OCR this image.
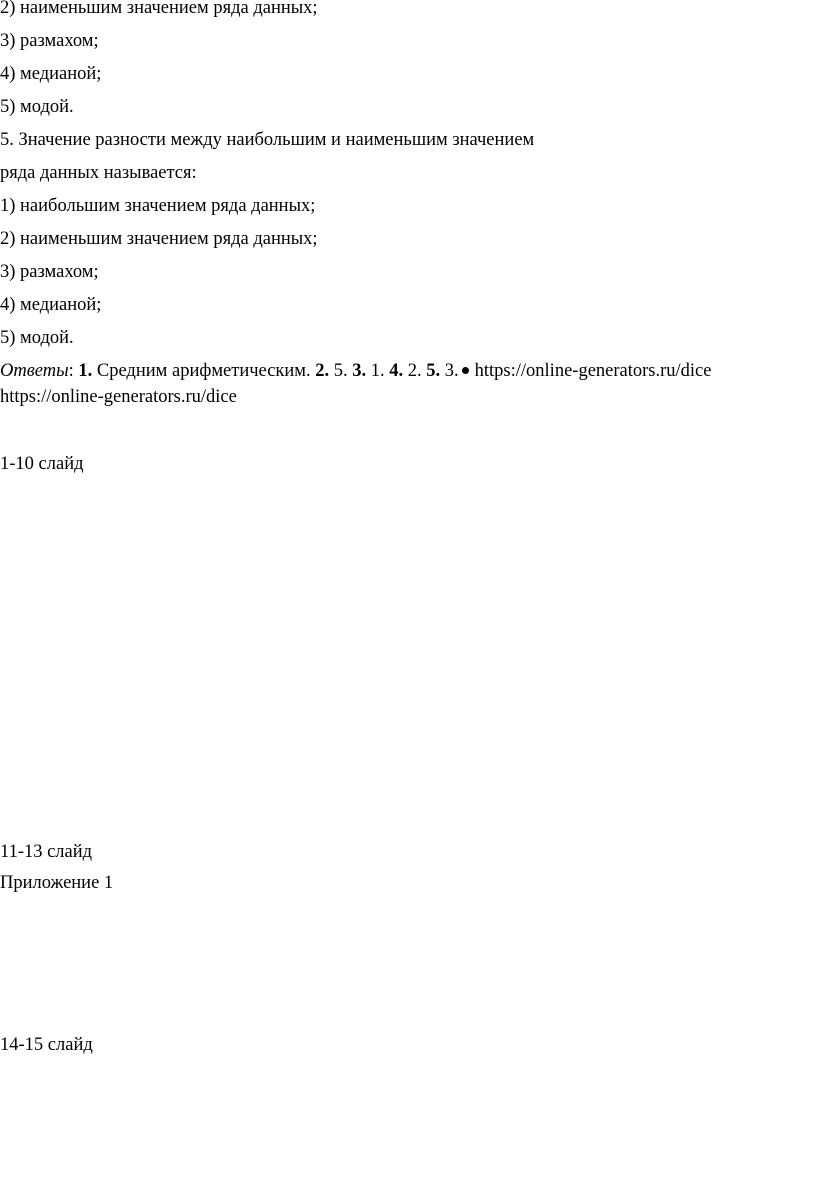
2) наименьшим значением ряда данных;
3) размахом;
4) медианой;
5) модой.
5. Значение разности между наибольшим и наименьшим значением
ряда данных называется:
1) наибольшим значением ряда данных;
2) наименьшим значением ряда данных;
3) размахом;
4) медианой;
5) модой.
Ответы: 1. Средним арифметическим. 2. 5. 3. 1. 4. 2. 5. 3. https://online-generators.ru/dice
https://online-generators.ru/dice
1-10 слайд
11-13 слайд
Приложение 1
14-15 слайд
